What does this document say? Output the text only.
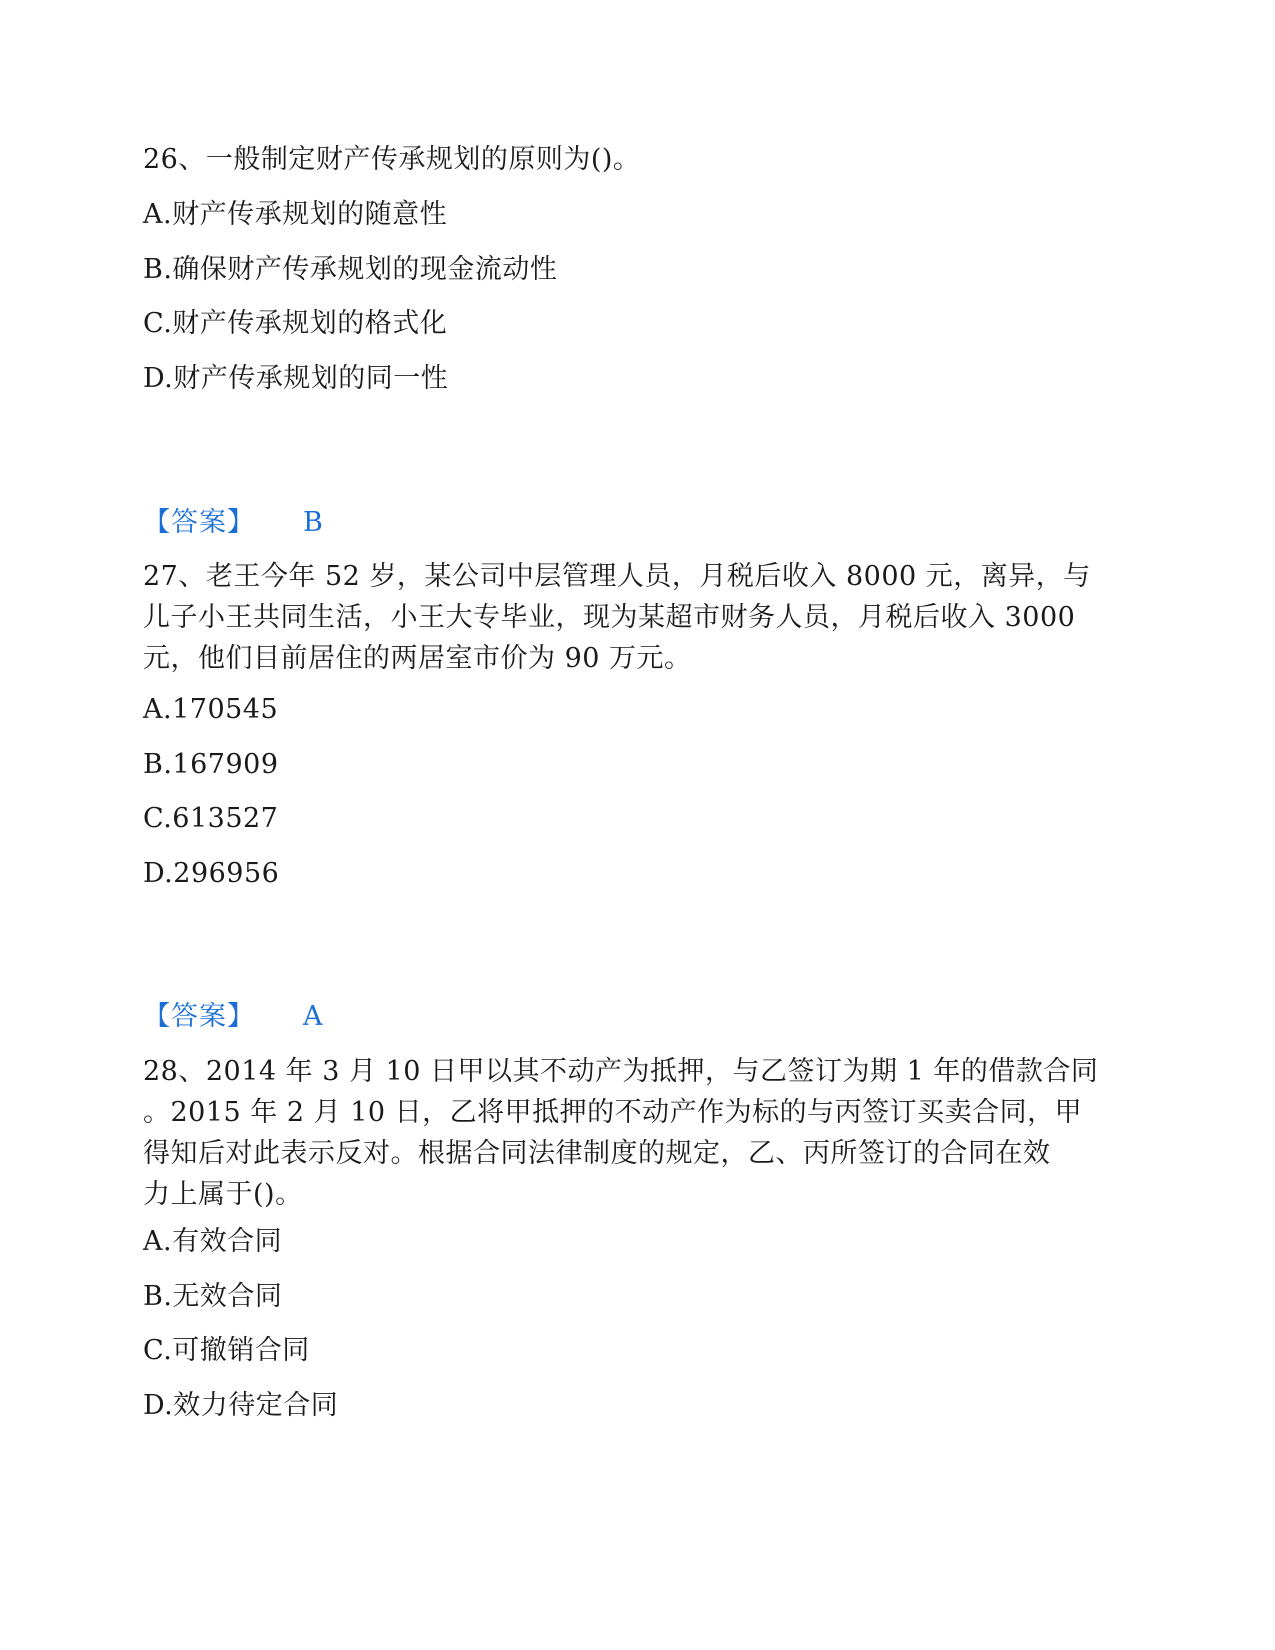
26、一般制定财产传承规划的原则为()。
A.财产传承规划的随意性
B.确保财产传承规划的现金流动性
C.财产传承规划的格式化
D.财产传承规划的同一性
【答案】 B
27、老王今年 52 岁，某公司中层管理人员，月税后收入 8000 元，离异，与
儿子小王共同生活，小王大专毕业，现为某超市财务人员，月税后收入 3000
元，他们目前居住的两居室市价为 90 万元。
A.170545
B.167909
C.613527
D.296956
【答案】 A
28、2014 年 3 月 10 日甲以其不动产为抵押，与乙签订为期 1 年的借款合同
。2015 年 2 月 10 日，乙将甲抵押的不动产作为标的与丙签订买卖合同，甲
得知后对此表示反对。根据合同法律制度的规定，乙、丙所签订的合同在效
力上属于()。
A.有效合同
B.无效合同
C.可撤销合同
D.效力待定合同
